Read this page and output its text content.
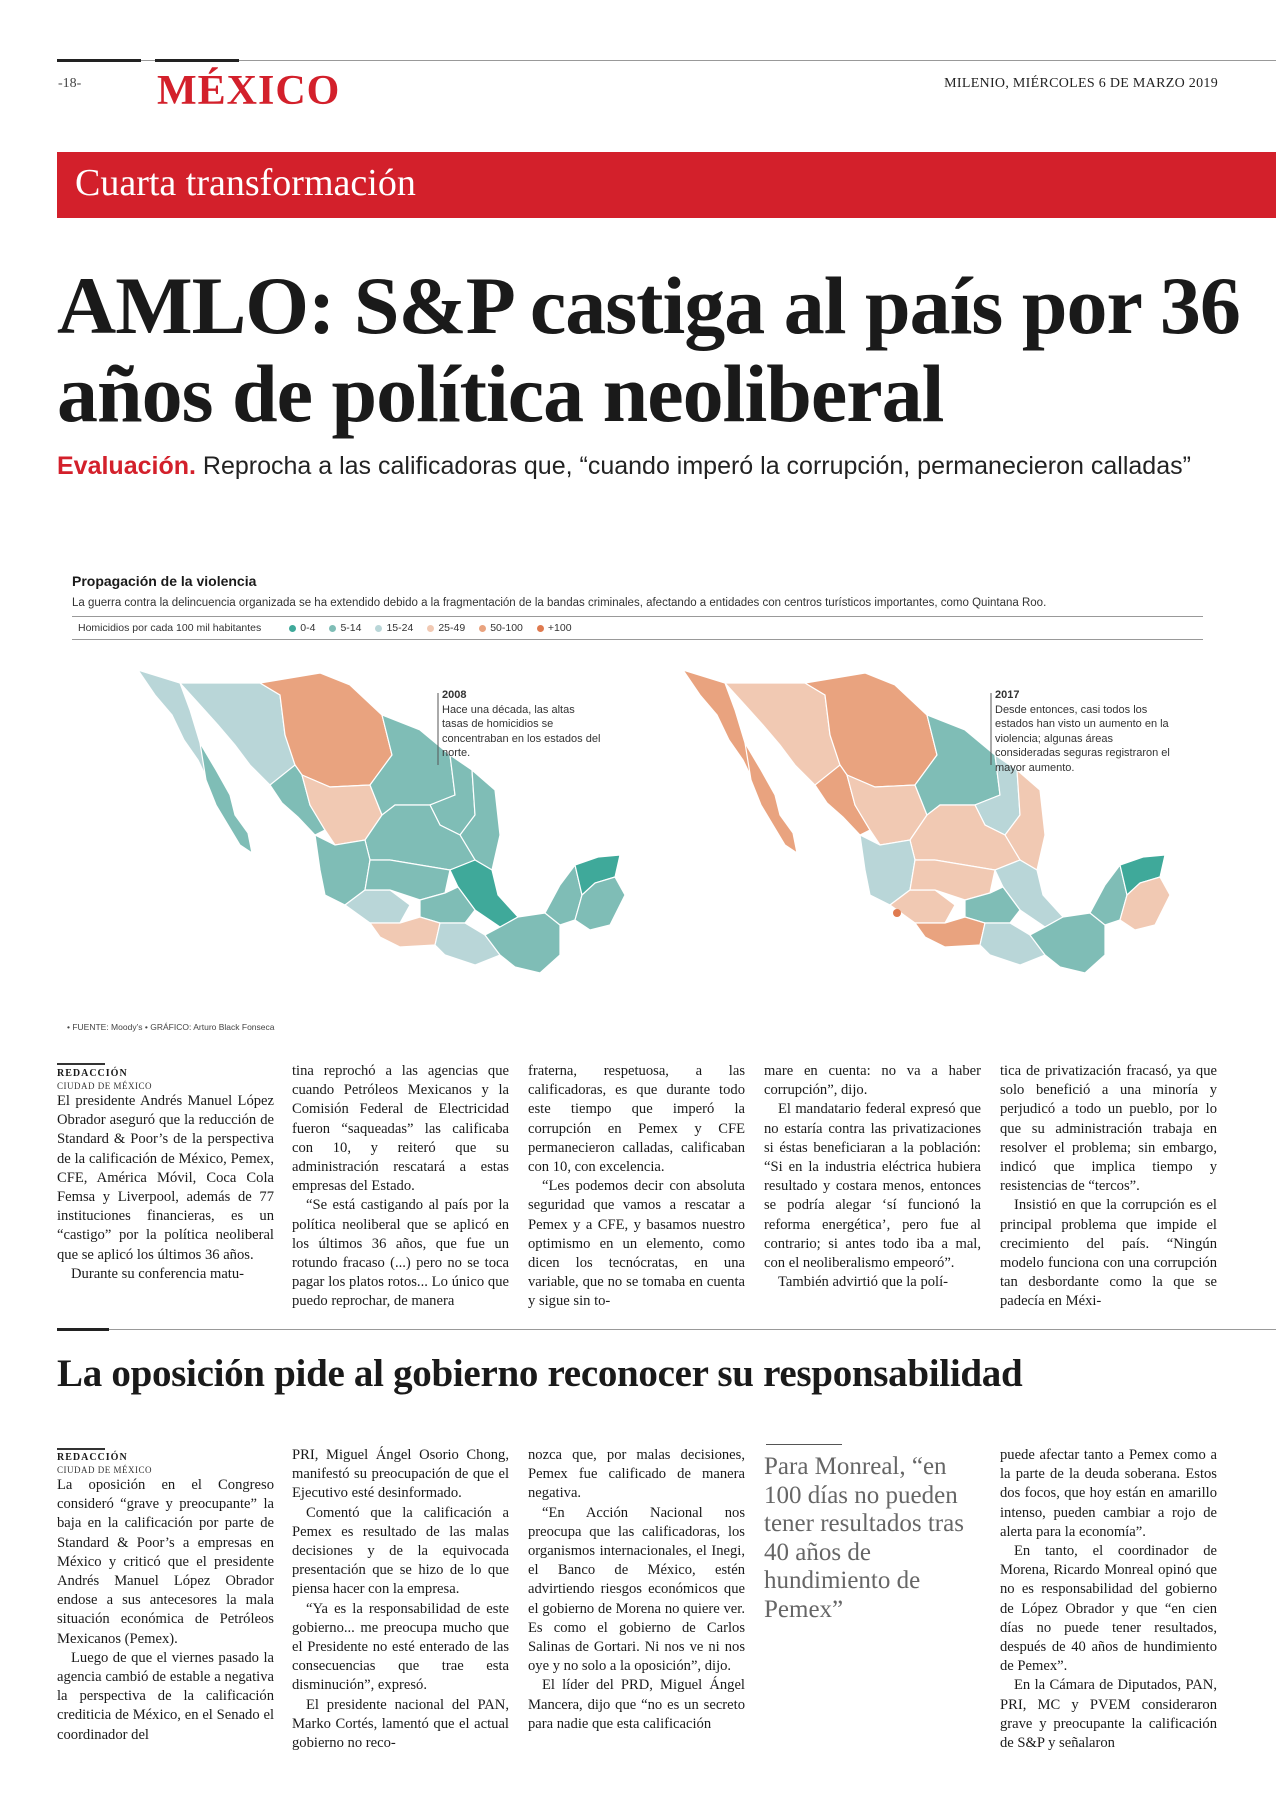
-18- MÉXICO	MILENIO, MIÉRCOLES 6 DE MARZO 2019
Cuarta transformación
AMLO: S&P castiga al país por 36 años de política neoliberal
Evaluación. Reprocha a las calificadoras que, “cuando imperó la corrupción, permanecieron calladas”
Propagación de la violencia
La guerra contra la delincuencia organizada se ha extendido debido a la fragmentación de la bandas criminales, afectando a entidades con centros turísticos importantes, como Quintana Roo.
Homicidios por cada 100 mil habitantes	0-4 5-14 15-24 25-49 50-100 +100
2008
Hace una década, las altas tasas de homicidios se concentraban en los estados del norte.
2017
Desde entonces, casi todos los estados han visto un aumento en la violencia; algunas áreas consideradas seguras registraron el mayor aumento.
• FUENTE: Moody’s • GRÁFICO: Arturo Black Fonseca
REDACCIÓN
CIUDAD DE MÉXICO

El presidente Andrés Manuel López Obrador aseguró que la reducción de Standard & Poor’s de la perspectiva de la calificación de México, Pemex, CFE, América Móvil, Coca Cola Femsa y Liverpool, además de 77 instituciones financieras, es un “castigo” por la política neoliberal que se aplicó los últimos 36 años.

Durante su conferencia matu-

tina reprochó a las agencias que cuando Petróleos Mexicanos y la Comisión Federal de Electricidad fueron “saqueadas” las calificaba con 10, y reiteró que su administración rescatará a estas empresas del Estado.

“Se está castigando al país por la política neoliberal que se aplicó en los últimos 36 años, que fue un rotundo fracaso (...) pero no se toca pagar los platos rotos... Lo único que puedo reprochar, de manera

fraterna, respetuosa, a las calificadoras, es que durante todo este tiempo que imperó la corrupción en Pemex y CFE permanecieron calladas, calificaban con 10, con excelencia.

“Les podemos decir con absoluta seguridad que vamos a rescatar a Pemex y a CFE, y basamos nuestro optimismo en un elemento, como dicen los tecnócratas, en una variable, que no se tomaba en cuenta y sigue sin to-

mare en cuenta: no va a haber corrupción”, dijo.

El mandatario federal expresó que no estaría contra las privatizaciones si éstas beneficiaran a la población: “Si en la industria eléctrica hubiera resultado y costara menos, entonces se podría alegar ‘sí funcionó la reforma energética’, pero fue al contrario; si antes todo iba a mal, con el neoliberalismo empeoró”.

También advirtió que la polí-

tica de privatización fracasó, ya que solo benefició a una minoría y perjudicó a todo un pueblo, por lo que su administración trabaja en resolver el problema; sin embargo, indicó que implica tiempo y resistencias de “tercos”.

Insistió en que la corrupción es el principal problema que impide el crecimiento del país. “Ningún modelo funciona con una corrupción tan desbordante como la que se padecía en Méxi-

La oposición pide al gobierno reconocer su responsabilidad
REDACCIÓN
CIUDAD DE MÉXICO

La oposición en el Congreso consideró “grave y preocupante” la baja en la calificación por parte de Standard & Poor’s a empresas en México y criticó que el presidente Andrés Manuel López Obrador endose a sus antecesores la mala situación económica de Petróleos Mexicanos (Pemex).

Luego de que el viernes pasado la agencia cambió de estable a negativa la perspectiva de la calificación crediticia de México, en el Senado el coordinador del

PRI, Miguel Ángel Osorio Chong, manifestó su preocupación de que el Ejecutivo esté desinformado.

Comentó que la calificación a Pemex es resultado de las malas decisiones y de la equivocada presentación que se hizo de lo que piensa hacer con la empresa.

“Ya es la responsabilidad de este gobierno... me preocupa mucho que el Presidente no esté enterado de las consecuencias que trae esta disminución”, expresó.

El presidente nacional del PAN, Marko Cortés, lamentó que el actual gobierno no reco-

nozca que, por malas decisiones, Pemex fue calificado de manera negativa.

“En Acción Nacional nos preocupa que las calificadoras, los organismos internacionales, el Inegi, el Banco de México, estén advirtiendo riesgos económicos que el gobierno de Morena no quiere ver. Es como el gobierno de Carlos Salinas de Gortari. Ni nos ve ni nos oye y no solo a la oposición”, dijo.

El líder del PRD, Miguel Ángel Mancera, dijo que “no es un secreto para nadie que esta calificación

Para Monreal, “en 100 días no pueden tener resultados tras 40 años de hundimiento de Pemex”

puede afectar tanto a Pemex como a la parte de la deuda soberana. Estos dos focos, que hoy están en amarillo intenso, pueden cambiar a rojo de alerta para la economía”.

En tanto, el coordinador de Morena, Ricardo Monreal opinó que no es responsabilidad del gobierno de López Obrador y que “en cien días no puede tener resultados, después de 40 años de hundimiento de Pemex”.

En la Cámara de Diputados, PAN, PRI, MC y PVEM consideraron grave y preocupante la calificación de S&P y señalaron
